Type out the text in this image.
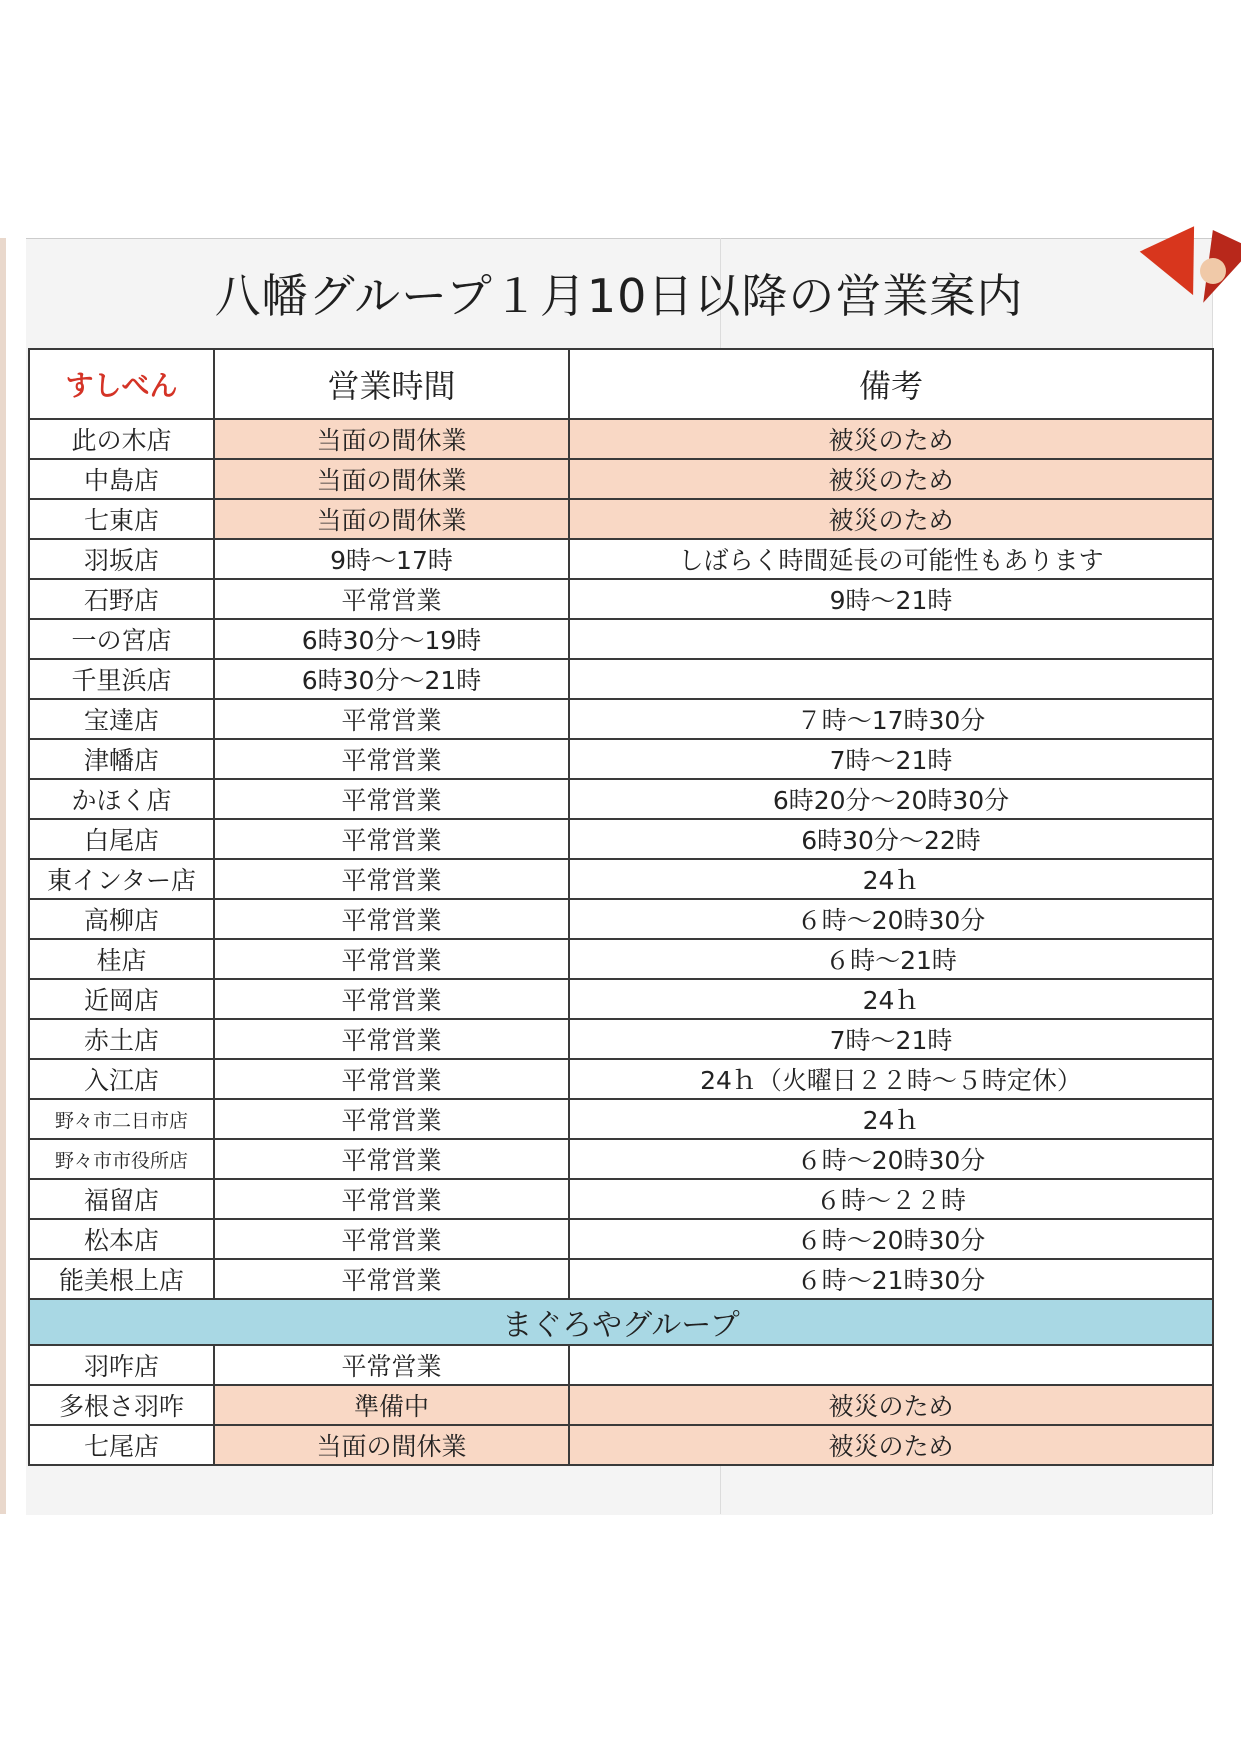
八幡グループ１月10日以降の営業案内
すしべん	営業時間	備考
此の木店	当面の間休業	被災のため
中島店	当面の間休業	被災のため
七東店	当面の間休業	被災のため
羽坂店	9時～17時	しばらく時間延長の可能性もあります
石野店	平常営業	9時～21時
一の宮店	6時30分～19時	
千里浜店	6時30分～21時	
宝達店	平常営業	７時～17時30分
津幡店	平常営業	7時～21時
かほく店	平常営業	6時20分～20時30分
白尾店	平常営業	6時30分～22時
東インター店	平常営業	24ｈ
高柳店	平常営業	６時～20時30分
桂店	平常営業	６時～21時
近岡店	平常営業	24ｈ
赤土店	平常営業	7時～21時
入江店	平常営業	24ｈ（火曜日２２時～５時定休）
野々市二日市店	平常営業	24ｈ
野々市市役所店	平常営業	６時～20時30分
福留店	平常営業	６時～２２時
松本店	平常営業	６時～20時30分
能美根上店	平常営業	６時～21時30分
まぐろやグループ		
羽咋店	平常営業	
多根さ羽咋	準備中	被災のため
七尾店	当面の間休業	被災のため
